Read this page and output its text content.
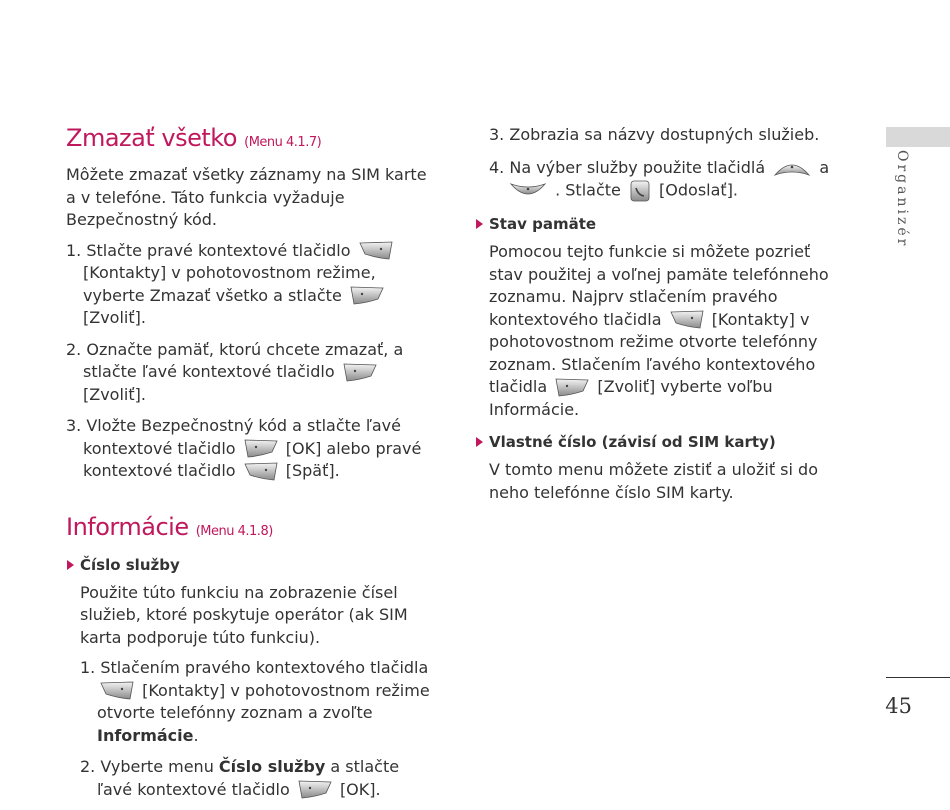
Zmazať všetko (Menu 4.1.7)

Môžete zmazať všetky záznamy na SIM karte a v telefóne. Táto funkcia vyžaduje Bezpečnostný kód.

1. Stlačte pravé kontextové tlačidlo
[Kontakty] v pohotovostnom režime, vyberte Zmazať všetko a stlačte
[Zvoliť].
2. Označte pamäť, ktorú chcete zmazať, a stlačte ľavé kontextové tlačidlo
[Zvoliť].
3. Vložte Bezpečnostný kód a stlačte ľavé kontextové tlačidlo	[OK] alebo pravé kontextové tlačidlo	[Späť].
Informácie (Menu 4.1.8)
Číslo služby

Použite túto funkciu na zobrazenie čísel služieb, ktoré poskytuje operátor (ak SIM karta podporuje túto funkciu).

1. Stlačením pravého kontextového tlačidla
[Kontakty] v pohotovostnom režime otvorte telefónny zoznam a zvoľte Informácie.
2. Vyberte menu Číslo služby a stlačte ľavé kontextové tlačidlo	[OK].
3. Zobrazia sa názvy dostupných služieb.
4. Na výber služby použite tlačidlá	a
. Stlačte [Odoslať].
Stav pamäte

Pomocou tejto funkcie si môžete pozrieť stav použitej a voľnej pamäte telefónneho zoznamu. Najprv stlačením pravého kontextového tlačidla	[Kontakty] v pohotovostnom režime otvorte telefónny zoznam. Stlačením ľavého kontextového tlačidla	[Zvoliť] vyberte voľbu Informácie.

Vlastné číslo (závisí od SIM karty)

V tomto menu môžete zistiť a uložiť si do neho telefónne číslo SIM karty.

Organizér
45
